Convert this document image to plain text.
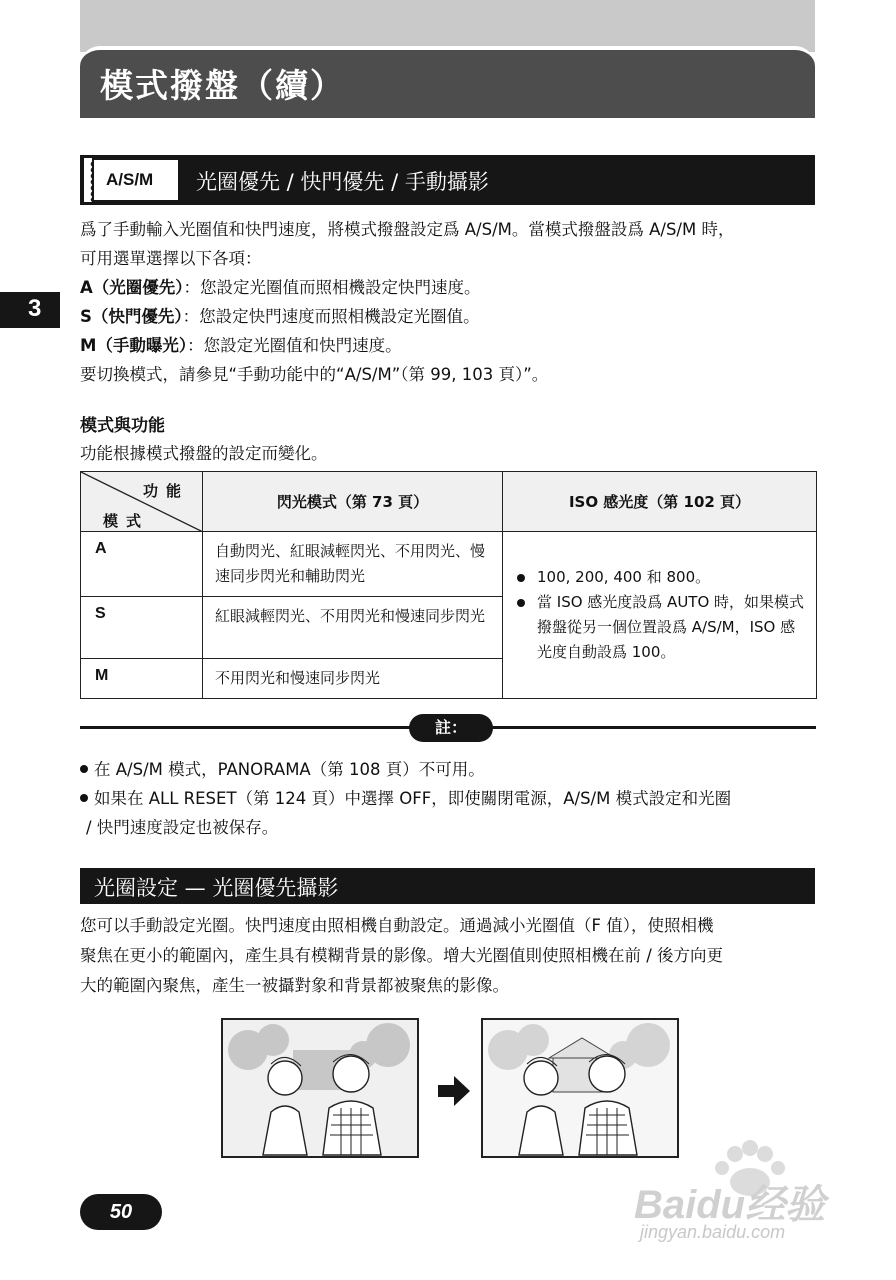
模式撥盤（續）
3
A/S/M 光圈優先 / 快門優先 / 手動攝影
爲了手動輸入光圈值和快門速度，將模式撥盤設定爲 A/S/M。當模式撥盤設爲 A/S/M 時，
可用選單選擇以下各項：
A（光圈優先）：您設定光圈值而照相機設定快門速度。
S（快門優先）：您設定快門速度而照相機設定光圈值。
M（手動曝光）：您設定光圈值和快門速度。
要切換模式，請參見“手動功能中的“A/S/M”（第 99, 103 頁）”。
模式與功能
功能根據模式撥盤的設定而變化。
功能
模式	閃光模式（第 73 頁）	ISO 感光度（第 102 頁）
A	自動閃光、紅眼減輕閃光、不用閃光、慢速同步閃光和輔助閃光	100, 200, 400 和 800。
當 ISO 感光度設爲 AUTO 時，如果模式撥盤從另一個位置設爲 A/S/M，ISO 感光度自動設爲 100。

S	紅眼減輕閃光、不用閃光和慢速同步閃光	
M	不用閃光和慢速同步閃光	
註：
在 A/S/M 模式，PANORAMA（第 108 頁）不可用。
如果在 ALL RESET（第 124 頁）中選擇 OFF，即使關閉電源，A/S/M 模式設定和光圈
/ 快門速度設定也被保存。
光圈設定 — 光圈優先攝影
您可以手動設定光圈。快門速度由照相機自動設定。通過減小光圈值（F 值），使照相機
聚焦在更小的範圍內，產生具有模糊背景的影像。增大光圈值則使照相機在前 / 後方向更
大的範圍內聚焦，產生一被攝對象和背景都被聚焦的影像。
50	Baidu经验
jingyan.baidu.com
